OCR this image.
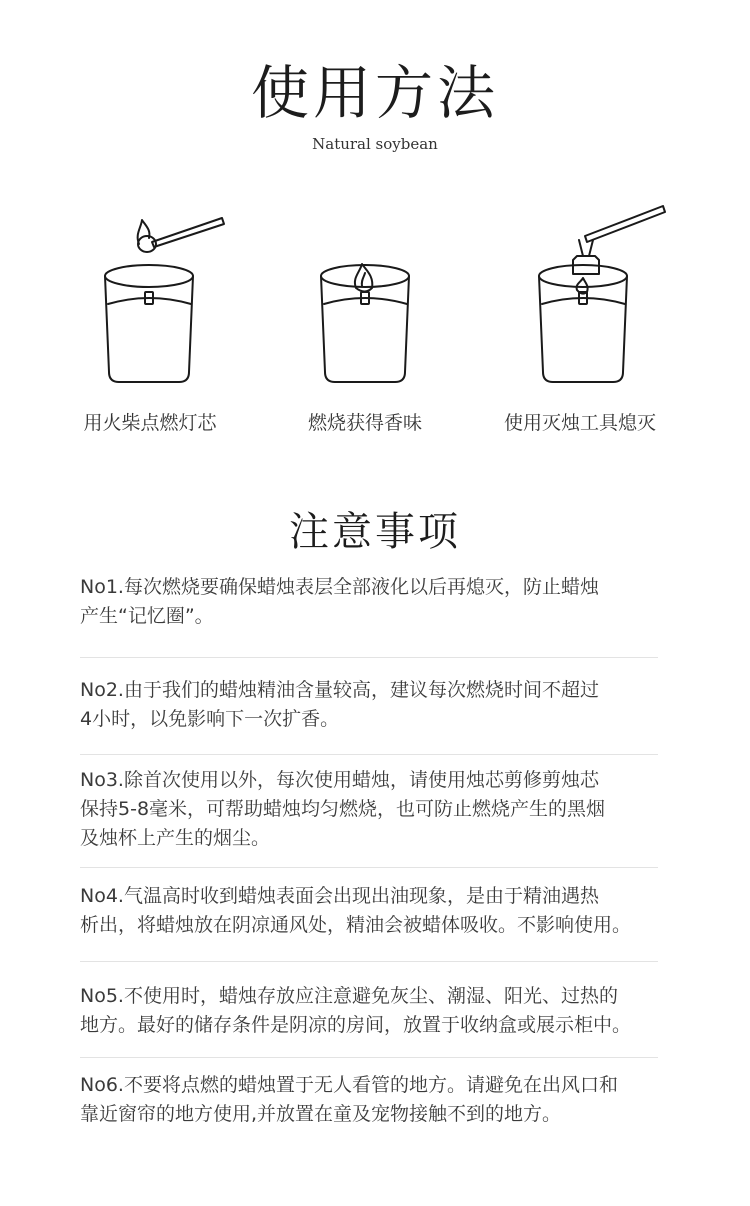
使用方法
Natural soybean
用火柴点燃灯芯	燃烧获得香味	使用灭烛工具熄灭
注意事项
No1.每次燃烧要确保蜡烛表层全部液化以后再熄灭，防止蜡烛
产生“记忆圈”。
No2.由于我们的蜡烛精油含量较高，建议每次燃烧时间不超过
4小时，以免影响下一次扩香。
No3.除首次使用以外，每次使用蜡烛，请使用烛芯剪修剪烛芯
保持5-8毫米，可帮助蜡烛均匀燃烧，也可防止燃烧产生的黑烟
及烛杯上产生的烟尘。
No4.气温高时收到蜡烛表面会出现出油现象，是由于精油遇热
析出，将蜡烛放在阴凉通风处，精油会被蜡体吸收。不影响使用。
No5.不使用时，蜡烛存放应注意避免灰尘、潮湿、阳光、过热的
地方。最好的储存条件是阴凉的房间，放置于收纳盒或展示柜中。
No6.不要将点燃的蜡烛置于无人看管的地方。请避免在出风口和
靠近窗帘的地方使用,并放置在童及宠物接触不到的地方。
